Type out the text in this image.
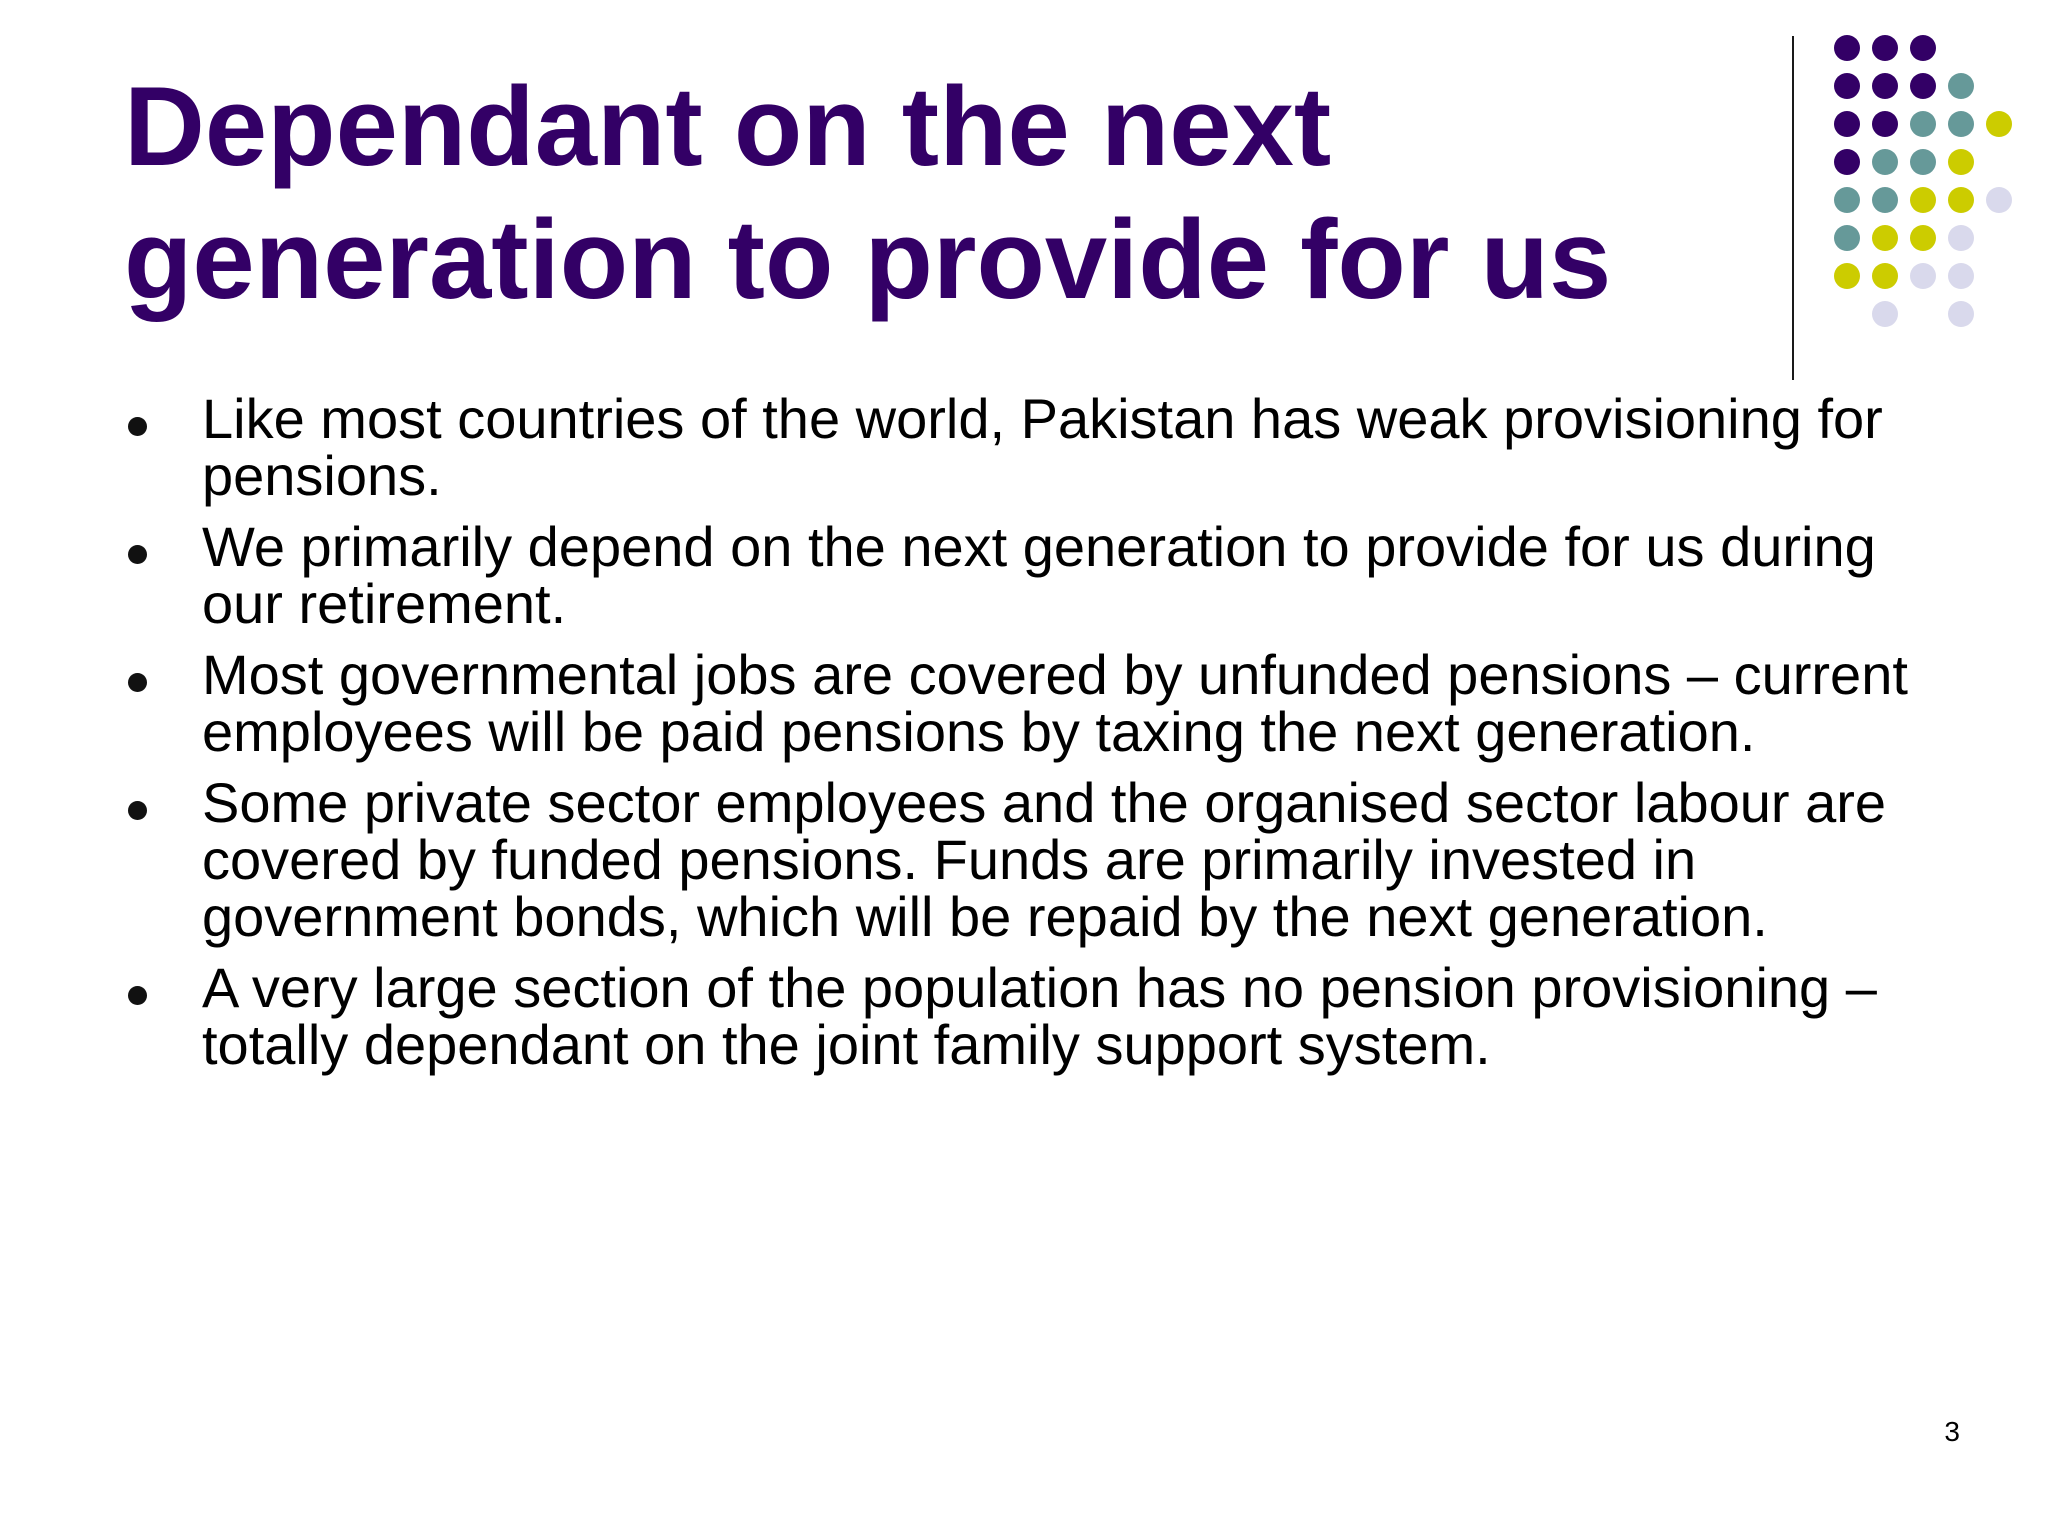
Dependant on the next generation to provide for us
Like most countries of the world, Pakistan has weak provisioning for pensions.
We primarily depend on the next generation to provide for us during our retirement.
Most governmental jobs are covered by unfunded pensions – current employees will be paid pensions by taxing the next generation.
Some private sector employees and the organised sector labour are covered by funded pensions. Funds are primarily invested in government bonds, which will be repaid by the next generation.
A very large section of the population has no pension provisioning – totally dependant on the joint family support system.
3
